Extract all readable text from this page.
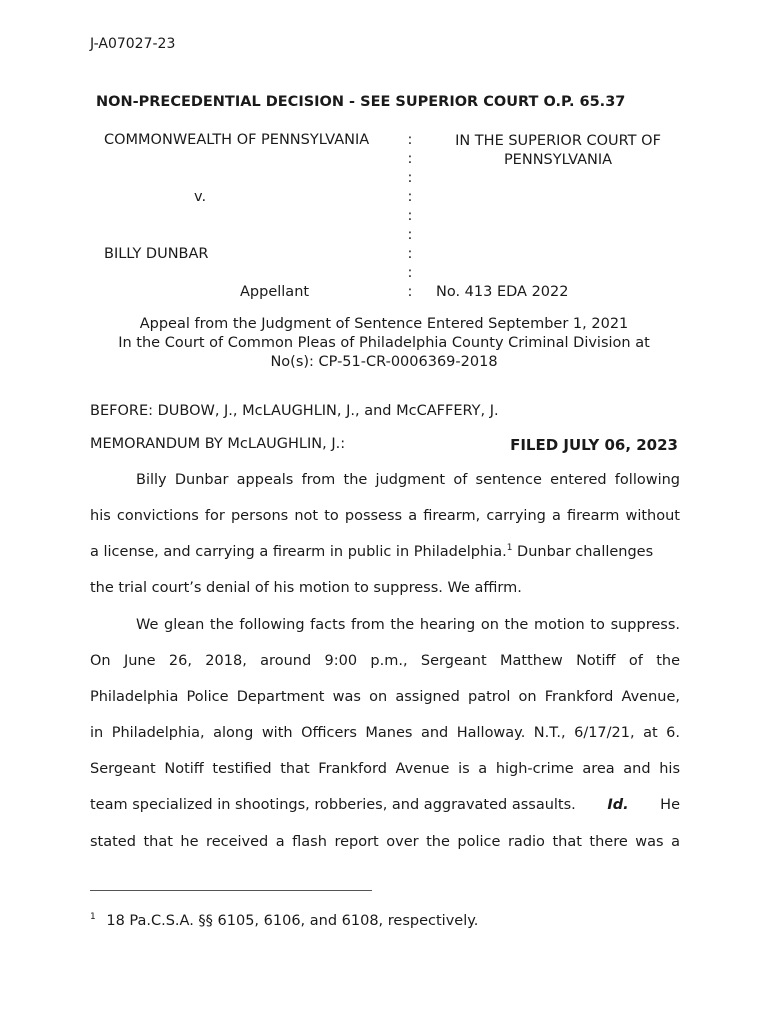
J-A07027-23
NON-PRECEDENTIAL DECISION - SEE SUPERIOR COURT O.P. 65.37
COMMONWEALTH OF PENNSYLVANIA
v.
BILLY DUNBAR
Appellant
:
:
:
:
:
:
:
:
:
IN THE SUPERIOR COURT OF
PENNSYLVANIA
No. 413 EDA 2022
Appeal from the Judgment of Sentence Entered September 1, 2021
In the Court of Common Pleas of Philadelphia County Criminal Division at
No(s): CP-51-CR-0006369-2018
BEFORE: DUBOW, J., McLAUGHLIN, J., and McCAFFERY, J.
MEMORANDUM BY McLAUGHLIN, J.:	FILED JULY 06, 2023
Billy Dunbar appeals from the judgment of sentence entered following
his convictions for persons not to possess a firearm, carrying a firearm without
a license, and carrying a firearm in public in Philadelphia.$^1$ Dunbar challenges
the trial court’s denial of his motion to suppress. We affirm.
We glean the following facts from the hearing on the motion to suppress.
On June 26, 2018, around 9:00 p.m., Sergeant Matthew Notiff of the
Philadelphia Police Department was on assigned patrol on Frankford Avenue,
in Philadelphia, along with Officers Manes and Halloway. N.T., 6/17/21, at 6.
Sergeant Notiff testified that Frankford Avenue is a high-crime area and his
team specialized in shootings, robberies, and aggravated assaults. Id. He
stated that he received a flash report over the police radio that there was a
$^1$ 18 Pa.C.S.A. §§ 6105, 6106, and 6108, respectively.
